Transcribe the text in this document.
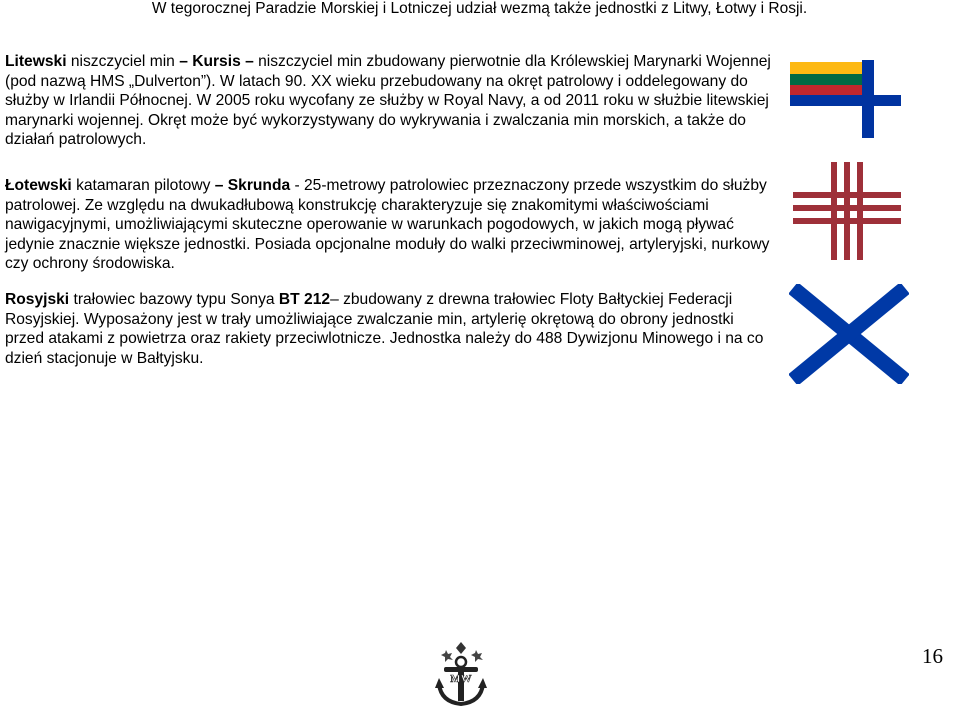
W tegorocznej Paradzie Morskiej i Lotniczej udział wezmą także jednostki z Litwy, Łotwy i Rosji.

Litewski niszczyciel min – Kursis – niszczyciel min zbudowany pierwotnie dla Królewskiej Marynarki Wojennej (pod nazwą HMS „Dulverton”). W latach 90. XX wieku przebudowany na okręt patrolowy i oddelegowany do służby w Irlandii Północnej. W 2005 roku wycofany ze służby w Royal Navy, a od 2011 roku w służbie litewskiej marynarki wojennej. Okręt może być wykorzystywany do wykrywania i zwalczania min morskich, a także do działań patrolowych.

Łotewski katamaran pilotowy – Skrunda - 25-metrowy patrolowiec przeznaczony przede wszystkim do służby patrolowej. Ze względu na dwukadłubową konstrukcję charakteryzuje się znakomitymi właściwościami nawigacyjnymi, umożliwiającymi skuteczne operowanie w warunkach pogodowych, w jakich mogą pływać jedynie znacznie większe jednostki. Posiada opcjonalne moduły do walki przeciwminowej, artyleryjski, nurkowy czy ochrony środowiska.

Rosyjski trałowiec bazowy typu Sonya BT 212– zbudowany z drewna trałowiec Floty Bałtyckiej Federacji Rosyjskiej. Wyposażony jest w trały umożliwiające zwalczanie min, artylerię okrętową do obrony jednostki przed atakami z powietrza oraz rakiety przeciwlotnicze. Jednostka należy do 488 Dywizjonu Minowego i na co dzień stacjonuje w Bałtyjsku.

MW
16
